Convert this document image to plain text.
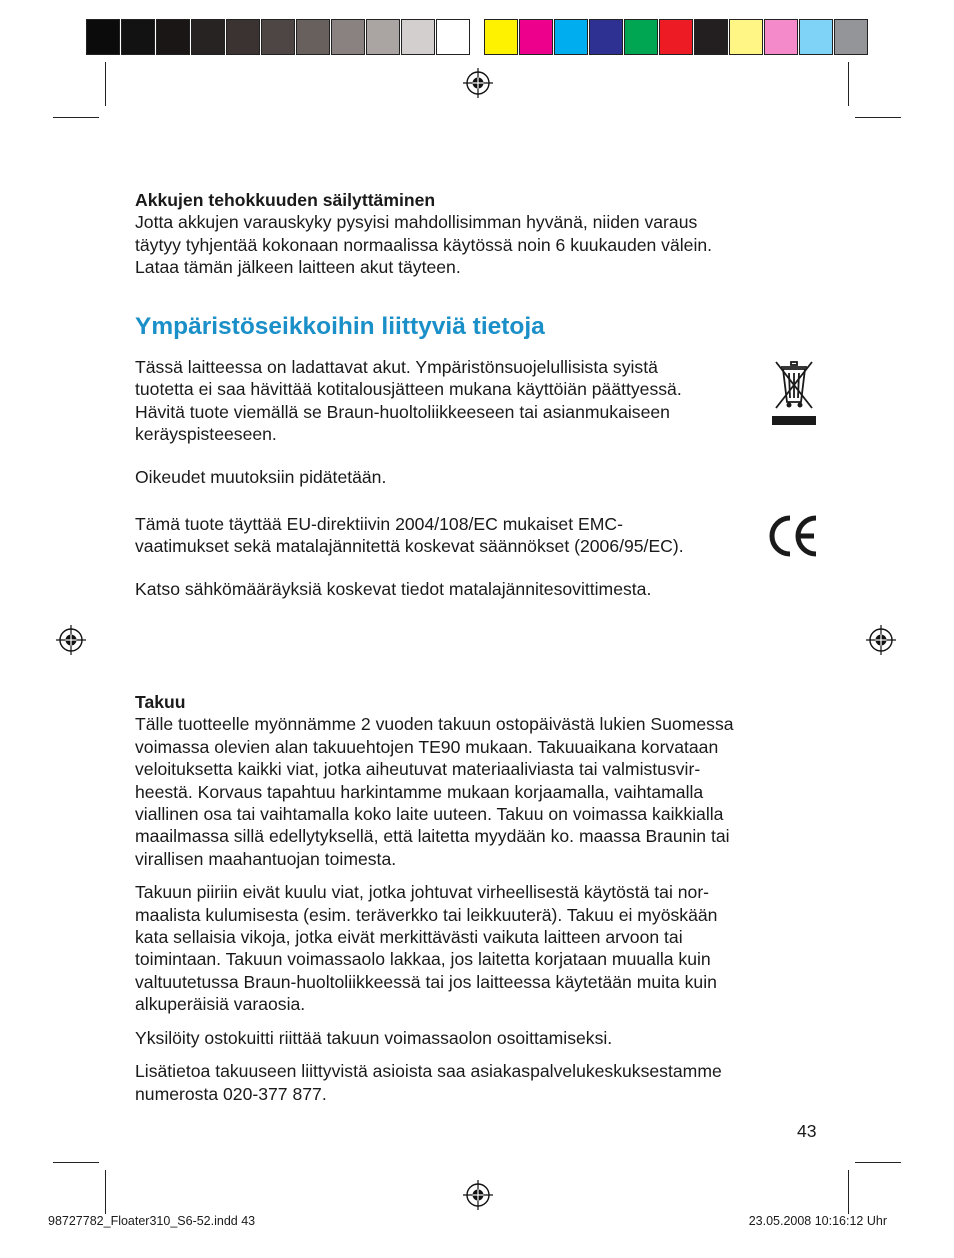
Akkujen tehokkuuden säilyttäminen

Jotta akkujen varauskyky pysyisi mahdollisimman hyvänä, niiden varaus

täytyy tyhjentää kokonaan normaalissa käytössä noin 6 kuukauden välein.

Lataa tämän jälkeen laitteen akut täyteen.

Ympäristöseikkoihin liittyviä tietoja

Tässä laitteessa on ladattavat akut. Ympäristönsuojelullisista syistä

tuotetta ei saa hävittää kotitalousjätteen mukana käyttöiän päättyessä.

Hävitä tuote viemällä se Braun-huoltoliikkeeseen tai asianmukaiseen

keräyspisteeseen.

Oikeudet muutoksiin pidätetään.

Tämä tuote täyttää EU-direktiivin 2004/108/EC mukaiset EMC-

vaatimukset sekä matalajännitettä koskevat säännökset (2006/95/EC).

Katso sähkömääräyksiä koskevat tiedot matalajännitesovittimesta.

Takuu

Tälle tuotteelle myönnämme 2 vuoden takuun ostopäivästä lukien Suomessa

voimassa olevien alan takuuehtojen TE90 mukaan. Takuuaikana korvataan

veloituksetta kaikki viat, jotka aiheutuvat materiaaliviasta tai valmistusvir-

heestä. Korvaus tapahtuu harkintamme mukaan korjaamalla, vaihtamalla

viallinen osa tai vaihtamalla koko laite uuteen. Takuu on voimassa kaikkialla

maailmassa sillä edellytyksellä, että laitetta myydään ko. maassa Braunin tai

virallisen maahantuojan toimesta.

Takuun piiriin eivät kuulu viat, jotka johtuvat virheellisestä käytöstä tai nor-

maalista kulumisesta (esim. teräverkko tai leikkuuterä). Takuu ei myöskään

kata sellaisia vikoja, jotka eivät merkittävästi vaikuta laitteen arvoon tai

toimintaan. Takuun voimassaolo lakkaa, jos laitetta korjataan muualla kuin

valtuutetussa Braun-huoltoliikkeessä tai jos laitteessa käytetään muita kuin

alkuperäisiä varaosia.

Yksilöity ostokuitti riittää takuun voimassaolon osoittamiseksi.

Lisätietoa takuuseen liittyvistä asioista saa asiakaspalvelukeskuksestamme

numerosta 020-377 877.

43
98727782_Floater310_S6-52.indd 43	23.05.2008 10:16:12 Uhr
